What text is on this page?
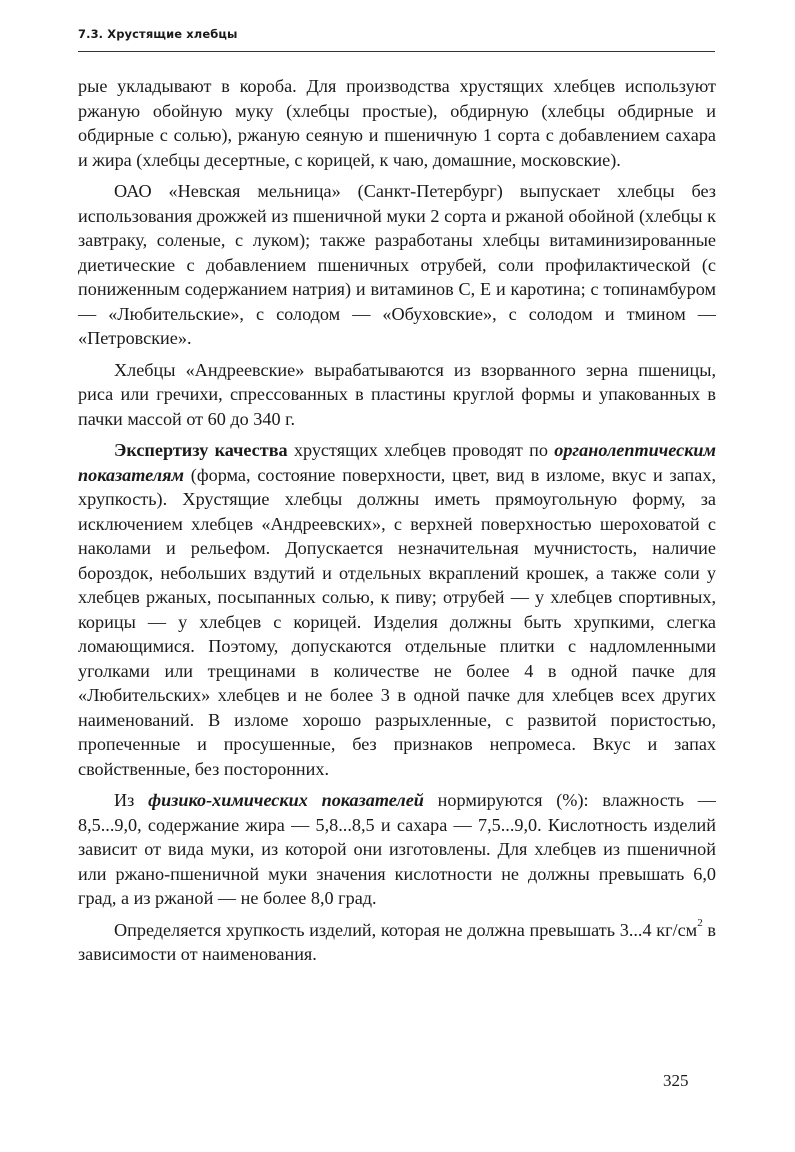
7.3. Хрустящие хлебцы

рые укладывают в короба. Для производства хрустящих хлебцев используют ржаную обойную муку (хлебцы простые), обдирную (хлебцы обдирные и обдирные с солью), ржаную сеяную и пшеничную 1 сорта с добавлением сахара и жира (хлебцы десертные, с корицей, к чаю, домашние, московские).

ОАО «Невская мельница» (Санкт-Петербург) выпускает хлебцы без использования дрожжей из пшеничной муки 2 сорта и ржаной обойной (хлебцы к завтраку, соленые, с луком); также разработаны хлебцы витаминизированные диетические с добавлением пшеничных отрубей, соли профилактической (с пониженным содержанием натрия) и витаминов С, Е и каротина; с топинамбуром — «Любительские», с солодом — «Обуховские», с солодом и тмином — «Петровские».

Хлебцы «Андреевские» вырабатываются из взорванного зерна пшеницы, риса или гречихи, спрессованных в пластины круглой формы и упакованных в пачки массой от 60 до 340 г.

Экспертизу качества хрустящих хлебцев проводят по органолептическим показателям (форма, состояние поверхности, цвет, вид в изломе, вкус и запах, хрупкость). Хрустящие хлебцы должны иметь прямоугольную форму, за исключением хлебцев «Андреевских», с верхней поверхностью шероховатой с наколами и рельефом. Допускается незначительная мучнистость, наличие бороздок, небольших вздутий и отдельных вкраплений крошек, а также соли у хлебцев ржаных, посыпанных солью, к пиву; отрубей — у хлебцев спортивных, корицы — у хлебцев с корицей. Изделия должны быть хрупкими, слегка ломающимися. Поэтому, допускаются отдельные плитки с надломленными уголками или трещинами в количестве не более 4 в одной пачке для «Любительских» хлебцев и не более 3 в одной пачке для хлебцев всех других наименований. В изломе хорошо разрыхленные, с развитой пористостью, пропеченные и просушенные, без признаков непромеса. Вкус и запах свойственные, без посторонних.

Из физико-химических показателей нормируются (%): влажность — 8,5...9,0, содержание жира — 5,8...8,5 и сахара — 7,5...9,0. Кислотность изделий зависит от вида муки, из которой они изготовлены. Для хлебцев из пшеничной или ржано-пшеничной муки значения кислотности не должны превышать 6,0 град, а из ржаной — не более 8,0 град.

Определяется хрупкость изделий, которая не должна превышать 3...4 $кг/см^2$ в зависимости от наименования.

325
